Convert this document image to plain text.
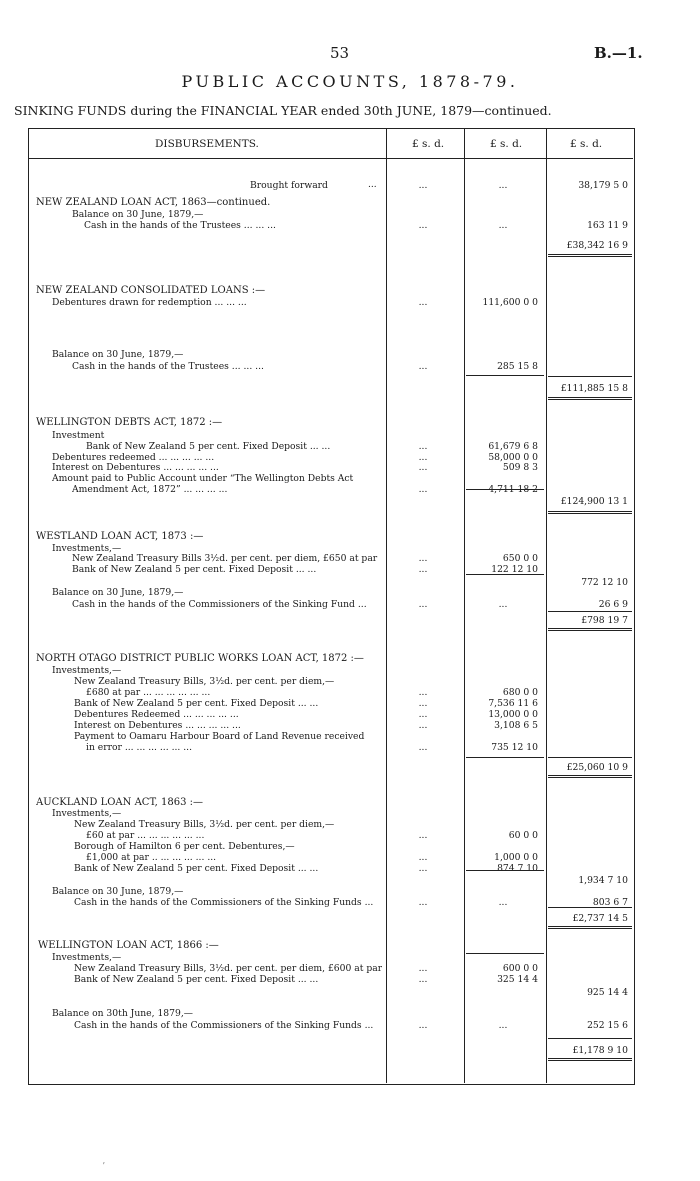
53	B.—1.
PUBLIC ACCOUNTS, 1878-79.
SINKING FUNDS during the FINANCIAL YEAR ended 30th JUNE, 1879—continued.
DISBURSEMENTS.	£ s. d.	£ s. d.	£ s. d.
Brought forward	...	...	...	38,179 5 0
NEW ZEALAND LOAN ACT, 1863—continued.
Balance on 30 June, 1879,—
Cash in the hands of the Trustees ... ... ...	...	...	163 11 9
£38,342 16 9
NEW ZEALAND CONSOLIDATED LOANS :—
Debentures drawn for redemption ... ... ...	...	111,600 0 0
Balance on 30 June, 1879,—
Cash in the hands of the Trustees ... ... ...	...	285 15 8
£111,885 15 8
WELLINGTON DEBTS ACT, 1872 :—
Investment
Bank of New Zealand 5 per cent. Fixed Deposit ... ...	...	61,679 6 8
Debentures redeemed ... ... ... ... ...	...	58,000 0 0
Interest on Debentures ... ... ... ... ...	...	509 8 3
Amount paid to Public Account under “The Wellington Debts Act
Amendment Act, 1872” ... ... ... ...	...	4,711 18 2
£124,900 13 1
WESTLAND LOAN ACT, 1873 :—
Investments,—
New Zealand Treasury Bills 3½d. per cent. per diem, £650 at par	...	650 0 0
Bank of New Zealand 5 per cent. Fixed Deposit ... ...	...	122 12 10
772 12 10
Balance on 30 June, 1879,—
Cash in the hands of the Commissioners of the Sinking Fund ...	...	...	26 6 9
£798 19 7
NORTH OTAGO DISTRICT PUBLIC WORKS LOAN ACT, 1872 :—
Investments,—
New Zealand Treasury Bills, 3½d. per cent. per diem,—
£680 at par ... ... ... ... ... ...	...	680 0 0
Bank of New Zealand 5 per cent. Fixed Deposit ... ...	...	7,536 11 6
Debentures Redeemed ... ... ... ... ...	...	13,000 0 0
Interest on Debentures ... ... ... ... ...	...	3,108 6 5
Payment to Oamaru Harbour Board of Land Revenue received
in error ... ... ... ... ... ...	...	735 12 10
£25,060 10 9
AUCKLAND LOAN ACT, 1863 :—
Investments,—
New Zealand Treasury Bills, 3½d. per cent. per diem,—
£60 at par ... ... ... ... ... ...	...	60 0 0
Borough of Hamilton 6 per cent. Debentures,—
£1,000 at par .. ... ... ... ... ...	...	1,000 0 0
Bank of New Zealand 5 per cent. Fixed Deposit ... ...	...	874 7 10
1,934 7 10
Balance on 30 June, 1879,—
Cash in the hands of the Commissioners of the Sinking Funds ...	...	...	803 6 7
£2,737 14 5
WELLINGTON LOAN ACT, 1866 :—
Investments,—
New Zealand Treasury Bills, 3½d. per cent. per diem, £600 at par	...	600 0 0
Bank of New Zealand 5 per cent. Fixed Deposit ... ...	...	325 14 4
925 14 4
Balance on 30th June, 1879,—
Cash in the hands of the Commissioners of the Sinking Funds ...	...	...	252 15 6
£1,178 9 10
ʼ
